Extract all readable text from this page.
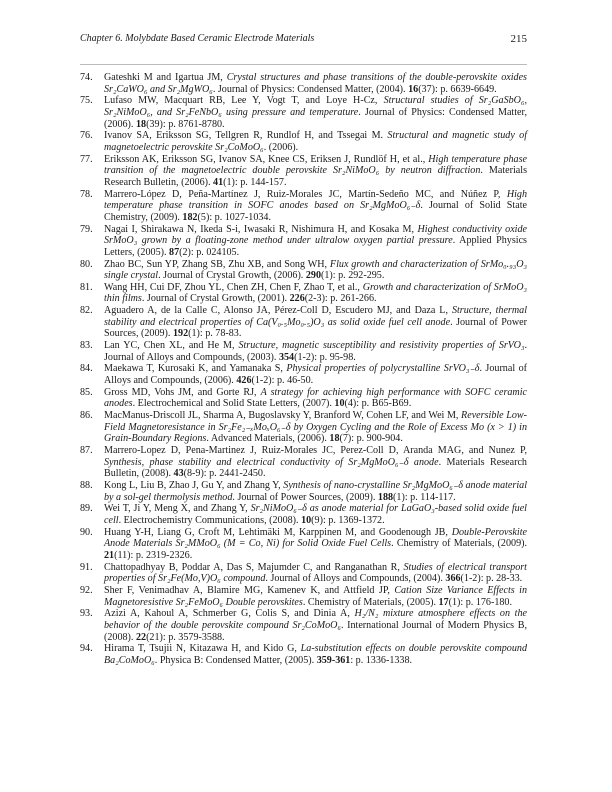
Chapter 6. Molybdate Based Ceramic Electrode Materials	215
74. Gateshki M and Igartua JM, Crystal structures and phase transitions of the double-perovskite oxides Sr₂CaWO₆ and Sr₂MgWO₆. Journal of Physics: Condensed Matter, (2004). 16(37): p. 6639-6649.
75. Lufaso MW, Macquart RB, Lee Y, Vogt T, and Loye H-Cz, Structural studies of Sr₂GaSbO₆, Sr₂NiMoO₆, and Sr₂FeNbO₆ using pressure and temperature. Journal of Physics: Condensed Matter, (2006). 18(39): p. 8761-8780.
76. Ivanov SA, Eriksson SG, Tellgren R, Rundlof H, and Tssegai M. Structural and magnetic study of magnetoelectric perovskite Sr₂CoMoO₆. (2006).
77. Eriksson AK, Eriksson SG, Ivanov SA, Knee CS, Eriksen J, Rundlöf H, et al., High temperature phase transition of the magnetoelectric double perovskite Sr₂NiMoO₆ by neutron diffraction. Materials Research Bulletin, (2006). 41(1): p. 144-157.
78. Marrero-López D, Peña-Martínez J, Ruiz-Morales JC, Martín-Sedeño MC, and Núñez P, High temperature phase transition in SOFC anodes based on Sr₂MgMoO₆₋δ. Journal of Solid State Chemistry, (2009). 182(5): p. 1027-1034.
79. Nagai I, Shirakawa N, Ikeda S-i, Iwasaki R, Nishimura H, and Kosaka M, Highest conductivity oxide SrMoO₃ grown by a floating-zone method under ultralow oxygen partial pressure. Applied Physics Letters, (2005). 87(2): p. 024105.
80. Zhao BC, Sun YP, Zhang SB, Zhu XB, and Song WH, Flux growth and characterization of SrMo₀.₉₃O₃ single crystal. Journal of Crystal Growth, (2006). 290(1): p. 292-295.
81. Wang HH, Cui DF, Zhou YL, Chen ZH, Chen F, Zhao T, et al., Growth and characterization of SrMoO₃ thin films. Journal of Crystal Growth, (2001). 226(2-3): p. 261-266.
82. Aguadero A, de la Calle C, Alonso JA, Pérez-Coll D, Escudero MJ, and Daza L, Structure, thermal stability and electrical properties of Ca(V₀.₅Mo₀.₅)O₃ as solid oxide fuel cell anode. Journal of Power Sources, (2009). 192(1): p. 78-83.
83. Lan YC, Chen XL, and He M, Structure, magnetic susceptibility and resistivity properties of SrVO₃. Journal of Alloys and Compounds, (2003). 354(1-2): p. 95-98.
84. Maekawa T, Kurosaki K, and Yamanaka S, Physical properties of polycrystalline SrVO₃₋δ. Journal of Alloys and Compounds, (2006). 426(1-2): p. 46-50.
85. Gross MD, Vohs JM, and Gorte RJ, A strategy for achieving high performance with SOFC ceramic anodes. Electrochemical and Solid State Letters, (2007). 10(4): p. B65-B69.
86. MacManus-Driscoll JL, Sharma A, Bugoslavsky Y, Branford W, Cohen LF, and Wei M, Reversible Low-Field Magnetoresistance in Sr₂Fe₂₋ₓMoₓO₆₋δ by Oxygen Cycling and the Role of Excess Mo (x > 1) in Grain-Boundary Regions. Advanced Materials, (2006). 18(7): p. 900-904.
87. Marrero-Lopez D, Pena-Martinez J, Ruiz-Morales JC, Perez-Coll D, Aranda MAG, and Nunez P, Synthesis, phase stability and electrical conductivity of Sr₂MgMoO₆₋δ anode. Materials Research Bulletin, (2008). 43(8-9): p. 2441-2450.
88. Kong L, Liu B, Zhao J, Gu Y, and Zhang Y, Synthesis of nano-crystalline Sr₂MgMoO₆₋δ anode material by a sol-gel thermolysis method. Journal of Power Sources, (2009). 188(1): p. 114-117.
89. Wei T, Ji Y, Meng X, and Zhang Y, Sr₂NiMoO₆₋δ as anode material for LaGaO₃-based solid oxide fuel cell. Electrochemistry Communications, (2008). 10(9): p. 1369-1372.
90. Huang Y-H, Liang G, Croft M, Lehtimäki M, Karppinen M, and Goodenough JB, Double-Perovskite Anode Materials Sr₂MMoO₆ (M = Co, Ni) for Solid Oxide Fuel Cells. Chemistry of Materials, (2009). 21(11): p. 2319-2326.
91. Chattopadhyay B, Poddar A, Das S, Majumder C, and Ranganathan R, Studies of electrical transport properties of Sr₂Fe(Mo,V)O₆ compound. Journal of Alloys and Compounds, (2004). 366(1-2): p. 28-33.
92. Sher F, Venimadhav A, Blamire MG, Kamenev K, and Attfield JP, Cation Size Variance Effects in Magnetoresistive Sr₂FeMoO₆ Double perovskites. Chemistry of Materials, (2005). 17(1): p. 176-180.
93. Azizi A, Kahoul A, Schmerber G, Colis S, and Dinia A, H₂/N₂ mixture atmosphere effects on the behavior of the double perovskite compound Sr₂CoMoO₆. International Journal of Modern Physics B, (2008). 22(21): p. 3579-3588.
94. Hirama T, Tsujii N, Kitazawa H, and Kido G, La-substitution effects on double perovskite compound Ba₂CoMoO₆. Physica B: Condensed Matter, (2005). 359-361: p. 1336-1338.
